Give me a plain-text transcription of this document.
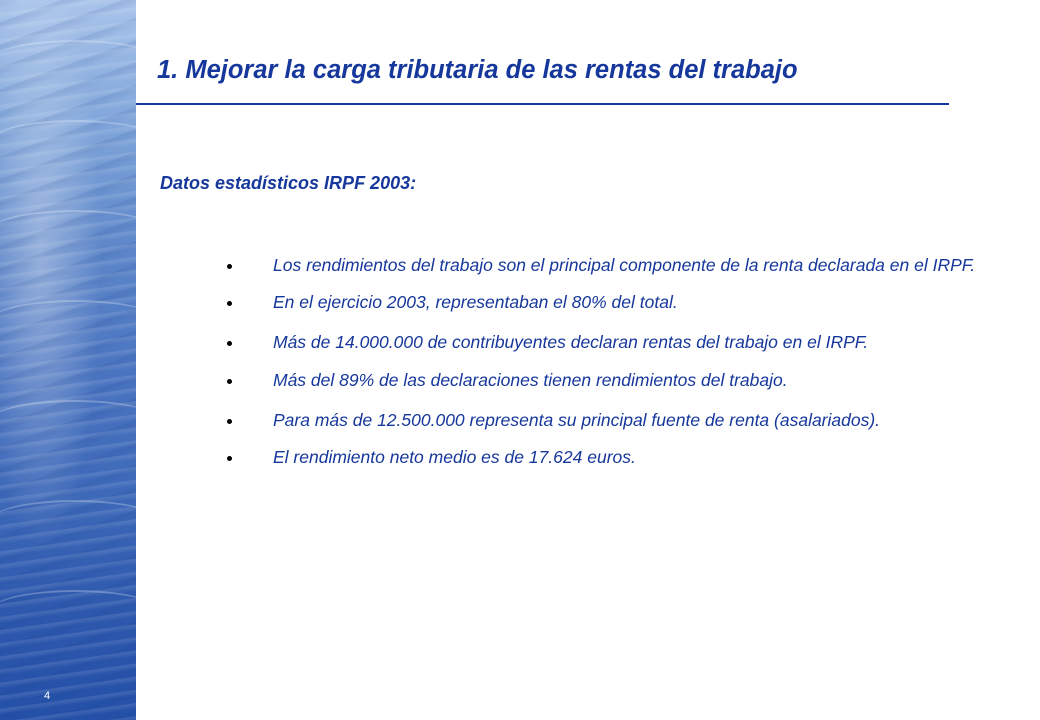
4
1. Mejorar la carga tributaria de las rentas del trabajo
Datos estadísticos IRPF 2003:
Los rendimientos del trabajo son el principal componente de la renta declarada en el IRPF.
En el ejercicio 2003, representaban el 80% del total.
Más de 14.000.000 de contribuyentes declaran rentas del trabajo en el IRPF.
Más del 89% de las declaraciones tienen rendimientos del trabajo.
Para más de 12.500.000 representa su principal fuente de renta (asalariados).
El rendimiento neto medio es de 17.624 euros.
